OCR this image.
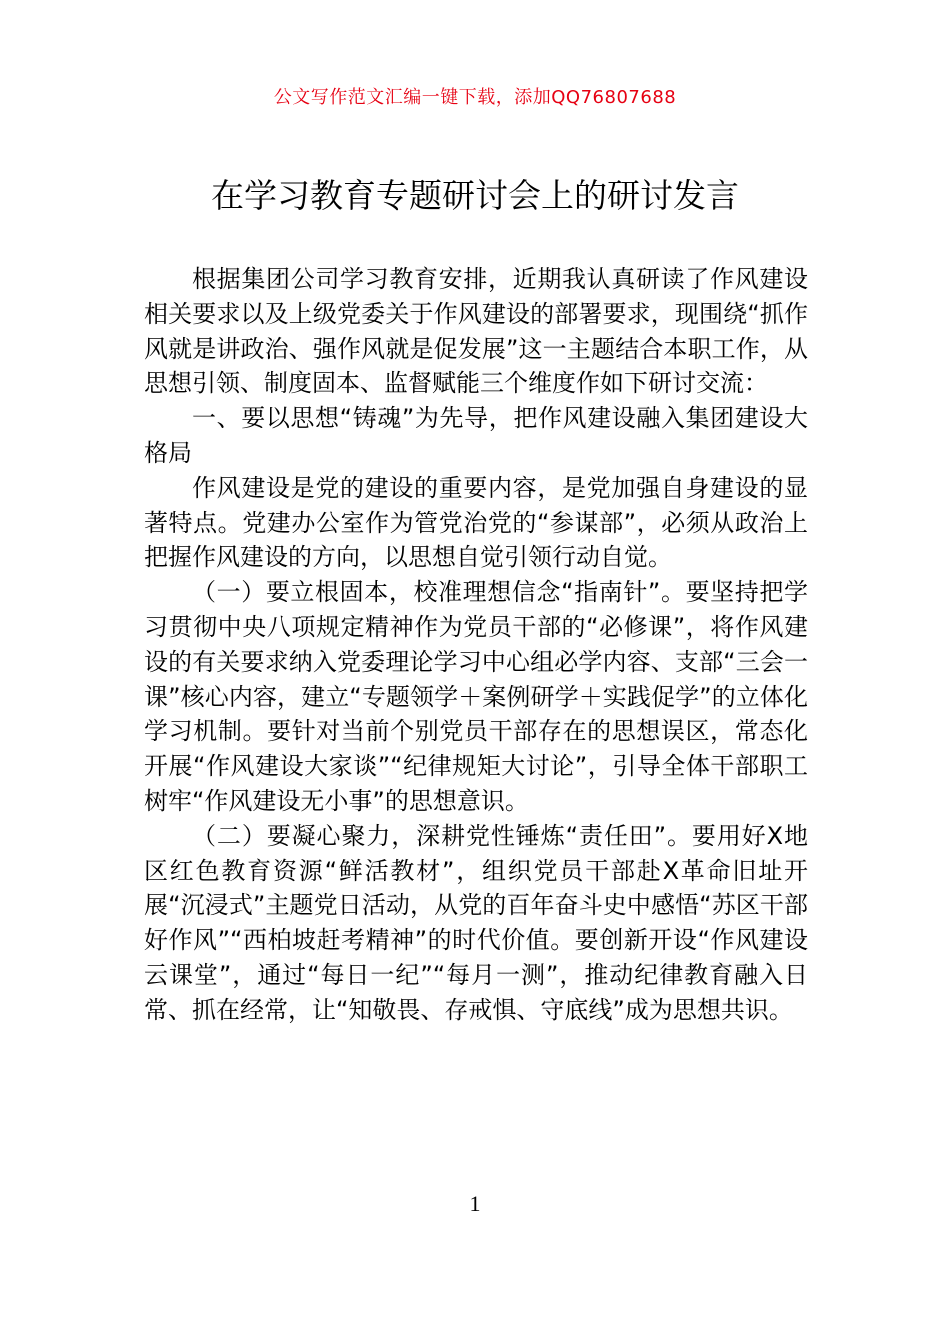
公文写作范文汇编一键下载，添加QQ76807688
在学习教育专题研讨会上的研讨发言

根据集团公司学习教育安排，近期我认真研读了作风建设相关要求以及上级党委关于作风建设的部署要求，现围绕“抓作风就是讲政治、强作风就是促发展”这一主题结合本职工作，从思想引领、制度固本、监督赋能三个维度作如下研讨交流：

一、要以思想“铸魂”为先导，把作风建设融入集团建设大格局

作风建设是党的建设的重要内容，是党加强自身建设的显著特点。党建办公室作为管党治党的“参谋部”，必须从政治上把握作风建设的方向，以思想自觉引领行动自觉。

（一）要立根固本，校准理想信念“指南针”。要坚持把学习贯彻中央八项规定精神作为党员干部的“必修课”，将作风建设的有关要求纳入党委理论学习中心组必学内容、支部“三会一课”核心内容，建立“专题领学＋案例研学＋实践促学”的立体化学习机制。要针对当前个别党员干部存在的思想误区，常态化开展“作风建设大家谈”“纪律规矩大讨论”，引导全体干部职工树牢“作风建设无小事”的思想意识。

（二）要凝心聚力，深耕党性锤炼“责任田”。要用好X地区红色教育资源“鲜活教材”，组织党员干部赴X革命旧址开展“沉浸式”主题党日活动，从党的百年奋斗史中感悟“苏区干部好作风”“西柏坡赶考精神”的时代价值。要创新开设“作风建设云课堂”，通过“每日一纪”“每月一测”，推动纪律教育融入日常、抓在经常，让“知敬畏、存戒惧、守底线”成为思想共识。

1
